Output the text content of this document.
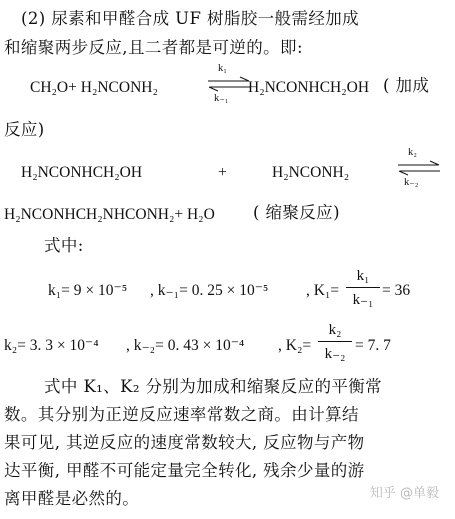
(2) 尿素和甲醛合成 UF 树脂胶一般需经加成
和缩聚两步反应,且二者都是可逆的。即:
CH₂O+ H₂NCONH₂
k₁
k₋₁
H₂NCONHCH₂OH ( 加成
反应)
H₂NCONHCH₂OH	+	H₂NCONH₂
k₂
k₋₂
H₂NCONHCH₂NHCONH₂+ H₂O ( 缩聚反应)
式中:
k₁= 9 × 10⁻⁵ , k₋₁= 0. 25 × 10⁻⁵ , $K_1= \frac{\text{k₁}}{\text{k₋₁}} = 36$
k₂= 3. 3 × 10⁻⁴ , k₋₂= 0. 43 × 10⁻⁴ , $K_2= \frac{\text{k₂}}{\text{k₋₂}} = 7$. 7
式中 K₁、K₂ 分别为加成和缩聚反应的平衡常
数。其分别为正逆反应速率常数之商。由计算结
果可见, 其逆反应的速度常数较大, 反应物与产物
达平衡, 甲醛不可能定量完全转化, 残余少量的游
离甲醛是必然的。	知乎 @单毅
